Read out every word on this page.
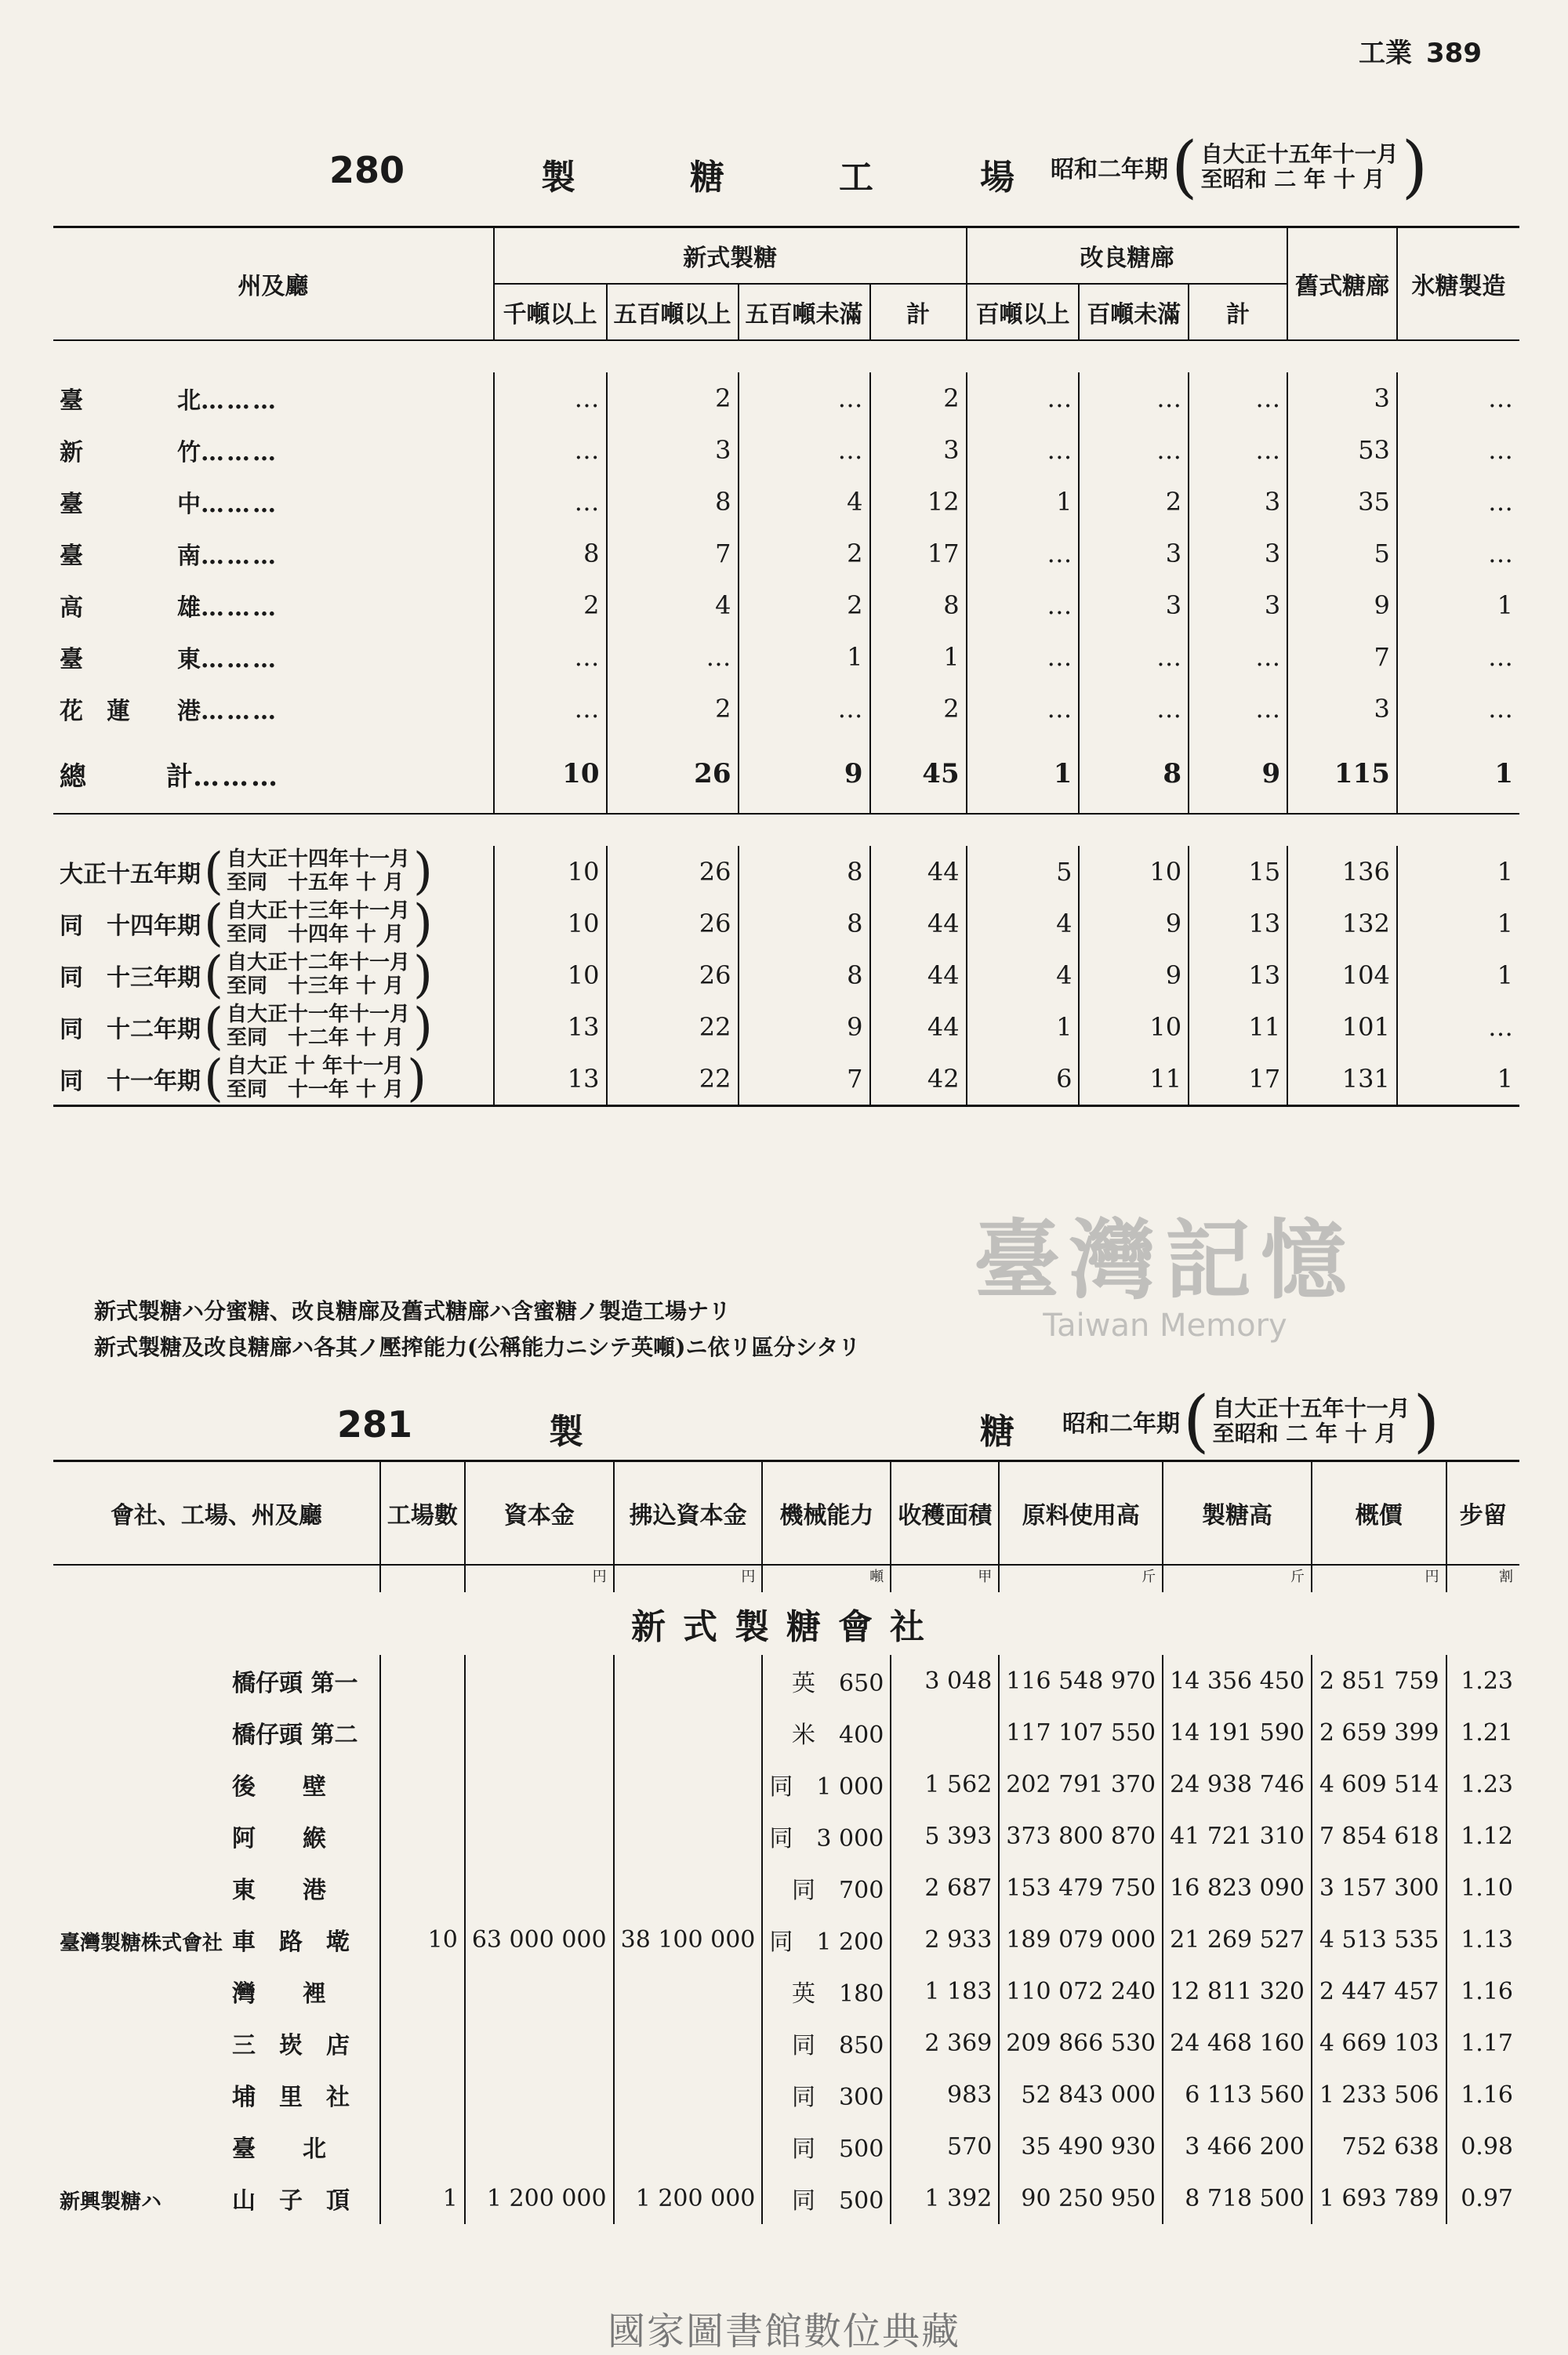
工業 389
280	製	糖	工	場 昭和二年期 ( 自大正十五年十一月
至昭和 二 年 十 月 )
州及廳	新式製糖				改良糖廍			舊式糖廍	氷糖製造
	千噸以上	五百噸以上	五百噸未滿	計	百噸以上	百噸未滿	計		

臺　　　　北………	…	2	…	2	…	…	…	3	…
新　　　　竹………	…	3	…	3	…	…	…	53	…
臺　　　　中………	…	8	4	12	1	2	3	35	…
臺　　　　南………	8	7	2	17	…	3	3	5	…
高　　　　雄………	2	4	2	8	…	3	3	9	1
臺　　　　東………	…	…	1	1	…	…	…	7	…
花　蓮　　港………	…	2	…	2	…	…	…	3	…
總　　　計………	10	26	9	45	1	8	9	115	1

大正十五年期 ( 自大正十四年十一月
至同　十五年 十 月 )	10	26	8	44	5	10	15	136	1

同　十四年期 ( 自大正十三年十一月
至同　十四年 十 月 )	10	26	8	44	4	9	13	132	1

同　十三年期 ( 自大正十二年十一月
至同　十三年 十 月 )	10	26	8	44	4	9	13	104	1

同　十二年期 ( 自大正十一年十一月
至同　十二年 十 月 )	13	22	9	44	1	10	11	101	…

同　十一年期 ( 自大正 十 年十一月
至同　十一年 十 月 )	13	22	7	42	6	11	17	131	1
新式製糖ハ分蜜糖、改良糖廍及舊式糖廍ハ含蜜糖ノ製造工場ナリ
新式製糖及改良糖廍ハ各其ノ壓搾能力(公稱能力ニシテ英噸)ニ依リ區分シタリ
臺灣記憶
Taiwan Memory
281	製	糖 昭和二年期 ( 自大正十五年十一月
至昭和 二 年 十 月 )
會社、工場、州及廳	工場數	資本金	拂込資本金	機械能力	收穫面積	原料使用高	製糖高	概價	步留
		円	円	噸	甲	斤	斤	円	割
新式製糖會社									
橋仔頭 第一				英　650	3 048	116 548 970	14 356 450	2 851 759	1.23
橋仔頭 第二				米　400		117 107 550	14 191 590	2 659 399	1.21
後　　壁				同　1 000	1 562	202 791 370	24 938 746	4 609 514	1.23
阿　　緱				同　3 000	5 393	373 800 870	41 721 310	7 854 618	1.12
東　　港				同　700	2 687	153 479 750	16 823 090	3 157 300	1.10
臺灣製糖株式會社 車　路　墘	10	63 000 000	38 100 000	同　1 200	2 933	189 079 000	21 269 527	4 513 535	1.13
灣　　裡				英　180	1 183	110 072 240	12 811 320	2 447 457	1.16
三　崁　店				同　850	2 369	209 866 530	24 468 160	4 669 103	1.17
埔　里　社				同　300	983	52 843 000	6 113 560	1 233 506	1.16
臺　　北				同　500	570	35 490 930	3 466 200	752 638	0.98
新興製糖ハ 山　子　頂	1	1 200 000	1 200 000	同　500	1 392	90 250 950	8 718 500	1 693 789	0.97
國家圖書館數位典藏
